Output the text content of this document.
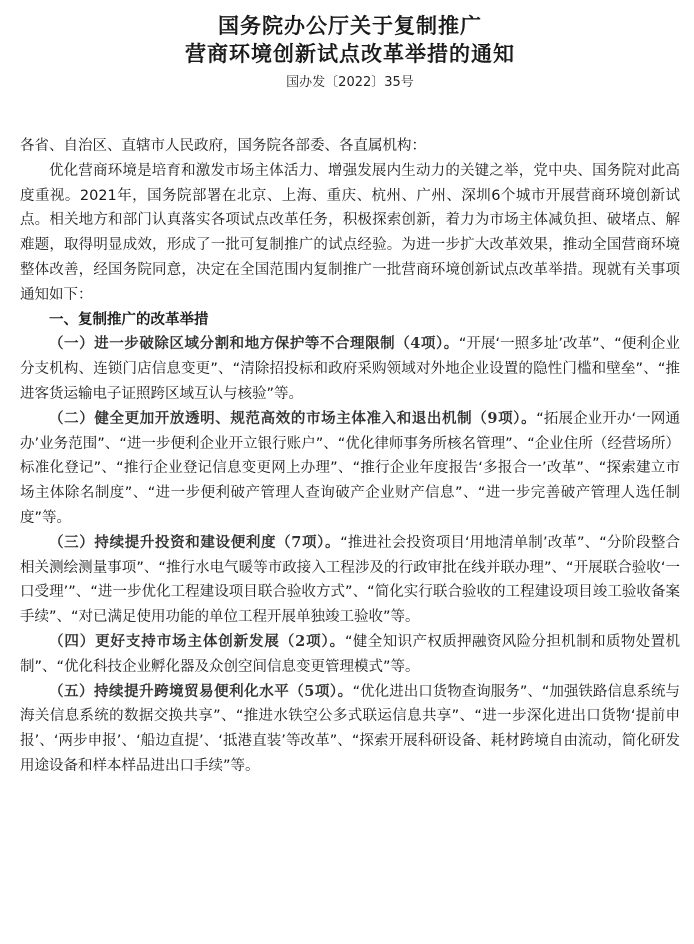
国务院办公厅关于复制推广
营商环境创新试点改革举措的通知
国办发〔2022〕35号

各省、自治区、直辖市人民政府，国务院各部委、各直属机构：

优化营商环境是培育和激发市场主体活力、增强发展内生动力的关键之举，党中央、国务院对此高度重视。2021年，国务院部署在北京、上海、重庆、杭州、广州、深圳6个城市开展营商环境创新试点。相关地方和部门认真落实各项试点改革任务，积极探索创新，着力为市场主体减负担、破堵点、解难题，取得明显成效，形成了一批可复制推广的试点经验。为进一步扩大改革效果，推动全国营商环境整体改善，经国务院同意，决定在全国范围内复制推广一批营商环境创新试点改革举措。现就有关事项通知如下：

一、复制推广的改革举措

（一）进一步破除区域分割和地方保护等不合理限制（4项）。“开展‘一照多址’改革”、“便利企业分支机构、连锁门店信息变更”、“清除招投标和政府采购领域对外地企业设置的隐性门槛和壁垒”、“推进客货运输电子证照跨区域互认与核验”等。

（二）健全更加开放透明、规范高效的市场主体准入和退出机制（9项）。“拓展企业开办‘一网通办’业务范围”、“进一步便利企业开立银行账户”、“优化律师事务所核名管理”、“企业住所（经营场所）标准化登记”、“推行企业登记信息变更网上办理”、“推行企业年度报告‘多报合一’改革”、“探索建立市场主体除名制度”、“进一步便利破产管理人查询破产企业财产信息”、“进一步完善破产管理人选任制度”等。

（三）持续提升投资和建设便利度（7项）。“推进社会投资项目‘用地清单制’改革”、“分阶段整合相关测绘测量事项”、“推行水电气暖等市政接入工程涉及的行政审批在线并联办理”、“开展联合验收‘一口受理’”、“进一步优化工程建设项目联合验收方式”、“简化实行联合验收的工程建设项目竣工验收备案手续”、“对已满足使用功能的单位工程开展单独竣工验收”等。

（四）更好支持市场主体创新发展（2项）。“健全知识产权质押融资风险分担机制和质物处置机制”、“优化科技企业孵化器及众创空间信息变更管理模式”等。

（五）持续提升跨境贸易便利化水平（5项）。“优化进出口货物查询服务”、“加强铁路信息系统与海关信息系统的数据交换共享”、“推进水铁空公多式联运信息共享”、“进一步深化进出口货物‘提前申报’、‘两步申报’、‘船边直提’、‘抵港直装’等改革”、“探索开展科研设备、耗材跨境自由流动，简化研发用途设备和样本样品进出口手续”等。
